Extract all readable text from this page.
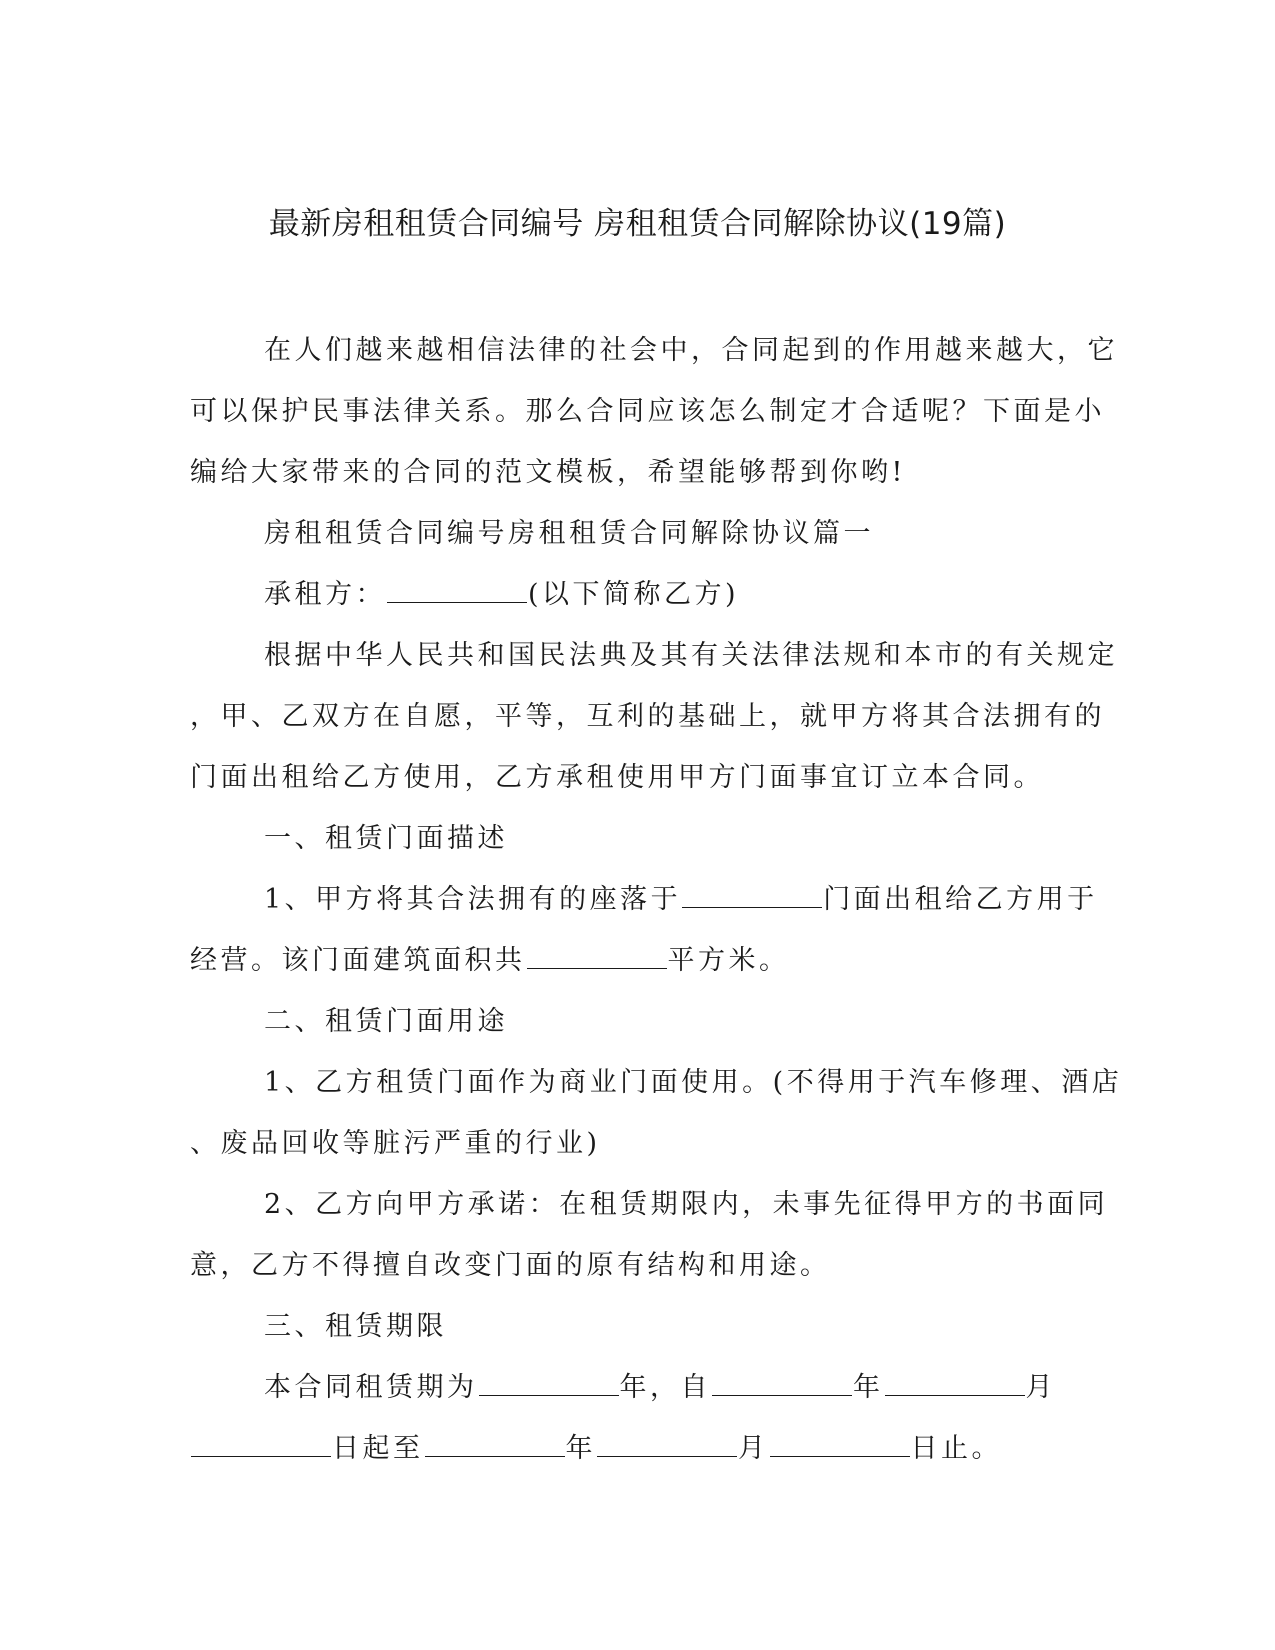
最新房租租赁合同编号 房租租赁合同解除协议(19篇)

在人们越来越相信法律的社会中，合同起到的作用越来越大，它
可以保护民事法律关系。那么合同应该怎么制定才合适呢？下面是小
编给大家带来的合同的范文模板，希望能够帮到你哟!

房租租赁合同编号房租租赁合同解除协议篇一

承租方：	(以下简称乙方)

根据中华人民共和国民法典及其有关法律法规和本市的有关规定
，甲、乙双方在自愿，平等，互利的基础上，就甲方将其合法拥有的
门面出租给乙方使用，乙方承租使用甲方门面事宜订立本合同。

一、租赁门面描述

1、甲方将其合法拥有的座落于	门面出租给乙方用于
经营。该门面建筑面积共	平方米。

二、租赁门面用途

1、乙方租赁门面作为商业门面使用。(不得用于汽车修理、酒店
、废品回收等脏污严重的行业)

2、乙方向甲方承诺：在租赁期限内，未事先征得甲方的书面同
意，乙方不得擅自改变门面的原有结构和用途。

三、租赁期限

本合同租赁期为	年，自	年	月
日起至	年	月	日止。
